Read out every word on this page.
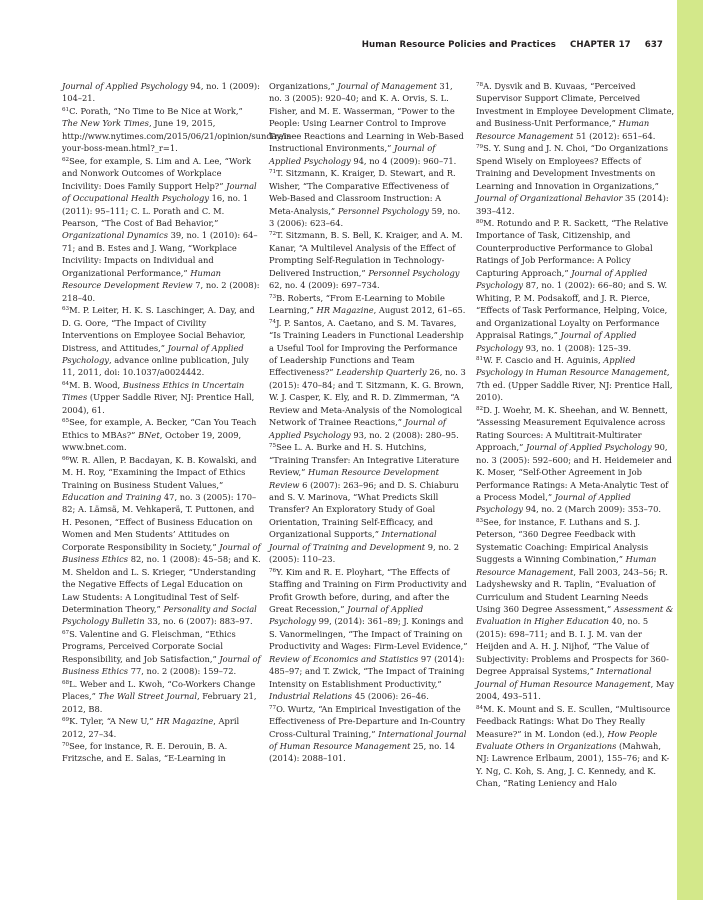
Human Resource Policies and Practices CHAPTER 17 637

Journal of Applied Psychology 94, no. 1 (2009): 104–21.

$^{61}$C. Porath, “No Time to Be Nice at Work,” The New York Times, June 19, 2015, http://www.nytimes.com/2015/06/21/opinion/sunday/is-your-boss-mean.html?_r=1.

$^{62}$See, for example, S. Lim and A. Lee, “Work and Nonwork Outcomes of Workplace Incivility: Does Family Support Help?” Journal of Occupational Health Psychology 16, no. 1 (2011): 95–111; C. L. Porath and C. M. Pearson, “The Cost of Bad Behavior,” Organizational Dynamics 39, no. 1 (2010): 64–71; and B. Estes and J. Wang, “Workplace Incivility: Impacts on Individual and Organizational Performance,” Human Resource Development Review 7, no. 2 (2008): 218–40.

$^{63}$M. P. Leiter, H. K. S. Laschinger, A. Day, and D. G. Oore, “The Impact of Civility Interventions on Employee Social Behavior, Distress, and Attitudes,” Journal of Applied Psychology, advance online publication, July 11, 2011, doi: 10.1037/a0024442.

$^{64}$M. B. Wood, Business Ethics in Uncertain Times (Upper Saddle River, NJ: Prentice Hall, 2004), 61.

$^{65}$See, for example, A. Becker, “Can You Teach Ethics to MBAs?” BNet, October 19, 2009, www.bnet.com.

$^{66}$W. R. Allen, P. Bacdayan, K. B. Kowalski, and M. H. Roy, “Examining the Impact of Ethics Training on Business Student Values,” Education and Training 47, no. 3 (2005): 170–82; A. Lämsä, M. Vehkaperä, T. Puttonen, and H. Pesonen, “Effect of Business Education on Women and Men Students’ Attitudes on Corporate Responsibility in Society,” Journal of Business Ethics 82, no. 1 (2008): 45–58; and K. M. Sheldon and L. S. Krieger, “Understanding the Negative Effects of Legal Education on Law Students: A Longitudinal Test of Self-Determination Theory,” Personality and Social Psychology Bulletin 33, no. 6 (2007): 883–97.

$^{67}$S. Valentine and G. Fleischman, “Ethics Programs, Perceived Corporate Social Responsibility, and Job Satisfaction,” Journal of Business Ethics 77, no. 2 (2008): 159–72.

$^{68}$L. Weber and L. Kwoh, “Co-Workers Change Places,” The Wall Street Journal, February 21, 2012, B8.

$^{69}$K. Tyler, “A New U,” HR Magazine, April 2012, 27–34.

$^{70}$See, for instance, R. E. Derouin, B. A. Fritzsche, and E. Salas, “E-Learning in

Organizations,” Journal of Management 31, no. 3 (2005): 920–40; and K. A. Orvis, S. L. Fisher, and M. E. Wasserman, “Power to the People: Using Learner Control to Improve Trainee Reactions and Learning in Web-Based Instructional Environments,” Journal of Applied Psychology 94, no 4 (2009): 960–71.

$^{71}$T. Sitzmann, K. Kraiger, D. Stewart, and R. Wisher, “The Comparative Effectiveness of Web-Based and Classroom Instruction: A Meta-Analysis,” Personnel Psychology 59, no. 3 (2006): 623–64.

$^{72}$T. Sitzmann, B. S. Bell, K. Kraiger, and A. M. Kanar, “A Multilevel Analysis of the Effect of Prompting Self-Regulation in Technology-Delivered Instruction,” Personnel Psychology 62, no. 4 (2009): 697–734.

$^{73}$B. Roberts, “From E-Learning to Mobile Learning,” HR Magazine, August 2012, 61–65.

$^{74}$J. P. Santos, A. Caetano, and S. M. Tavares, “Is Training Leaders in Functional Leadership a Useful Tool for Improving the Performance of Leadership Functions and Team Effectiveness?” Leadership Quarterly 26, no. 3 (2015): 470–84; and T. Sitzmann, K. G. Brown, W. J. Casper, K. Ely, and R. D. Zimmerman, “A Review and Meta-Analysis of the Nomological Network of Trainee Reactions,” Journal of Applied Psychology 93, no. 2 (2008): 280–95.

$^{75}$See L. A. Burke and H. S. Hutchins, “Training Transfer: An Integrative Literature Review,” Human Resource Development Review 6 (2007): 263–96; and D. S. Chiaburu and S. V. Marinova, “What Predicts Skill Transfer? An Exploratory Study of Goal Orientation, Training Self-Efficacy, and Organizational Supports,” International Journal of Training and Development 9, no. 2 (2005): 110–23.

$^{76}$Y. Kim and R. E. Ployhart, “The Effects of Staffing and Training on Firm Productivity and Profit Growth before, during, and after the Great Recession,” Journal of Applied Psychology 99, (2014): 361–89; J. Konings and S. Vanormelingen, “The Impact of Training on Productivity and Wages: Firm-Level Evidence,” Review of Economics and Statistics 97 (2014): 485–97; and T. Zwick, “The Impact of Training Intensity on Establishment Productivity,” Industrial Relations 45 (2006): 26–46.

$^{77}$O. Wurtz, “An Empirical Investigation of the Effectiveness of Pre-Departure and In-Country Cross-Cultural Training,” International Journal of Human Resource Management 25, no. 14 (2014): 2088–101.

$^{78}$A. Dysvik and B. Kuvaas, “Perceived Supervisor Support Climate, Perceived Investment in Employee Development Climate, and Business-Unit Performance,” Human Resource Management 51 (2012): 651–64.

$^{79}$S. Y. Sung and J. N. Choi, “Do Organizations Spend Wisely on Employees? Effects of Training and Development Investments on Learning and Innovation in Organizations,” Journal of Organizational Behavior 35 (2014): 393–412.

$^{80}$M. Rotundo and P. R. Sackett, “The Relative Importance of Task, Citizenship, and Counterproductive Performance to Global Ratings of Job Performance: A Policy Capturing Approach,” Journal of Applied Psychology 87, no. 1 (2002): 66–80; and S. W. Whiting, P. M. Podsakoff, and J. R. Pierce, “Effects of Task Performance, Helping, Voice, and Organizational Loyalty on Performance Appraisal Ratings,” Journal of Applied Psychology 93, no. 1 (2008): 125–39.

$^{81}$W. F. Cascio and H. Aguinis, Applied Psychology in Human Resource Management, 7th ed. (Upper Saddle River, NJ: Prentice Hall, 2010).

$^{82}$D. J. Woehr, M. K. Sheehan, and W. Bennett, “Assessing Measurement Equivalence across Rating Sources: A Multitrait-Multirater Approach,” Journal of Applied Psychology 90, no. 3 (2005): 592–600; and H. Heidemeier and K. Moser, “Self-Other Agreement in Job Performance Ratings: A Meta-Analytic Test of a Process Model,” Journal of Applied Psychology 94, no. 2 (March 2009): 353–70.

$^{83}$See, for instance, F. Luthans and S. J. Peterson, “360 Degree Feedback with Systematic Coaching: Empirical Analysis Suggests a Winning Combination,” Human Resource Management, Fall 2003, 243–56; R. Ladyshewsky and R. Taplin, “Evaluation of Curriculum and Student Learning Needs Using 360 Degree Assessment,” Assessment & Evaluation in Higher Education 40, no. 5 (2015): 698–711; and B. I. J. M. van der Heijden and A. H. J. Nijhof, “The Value of Subjectivity: Problems and Prospects for 360-Degree Appraisal Systems,” International Journal of Human Resource Management, May 2004, 493–511.

$^{84}$M. K. Mount and S. E. Scullen, “Multisource Feedback Ratings: What Do They Really Measure?” in M. London (ed.), How People Evaluate Others in Organizations (Mahwah, NJ: Lawrence Erlbaum, 2001), 155–76; and K-Y. Ng, C. Koh, S. Ang, J. C. Kennedy, and K. Chan, “Rating Leniency and Halo
